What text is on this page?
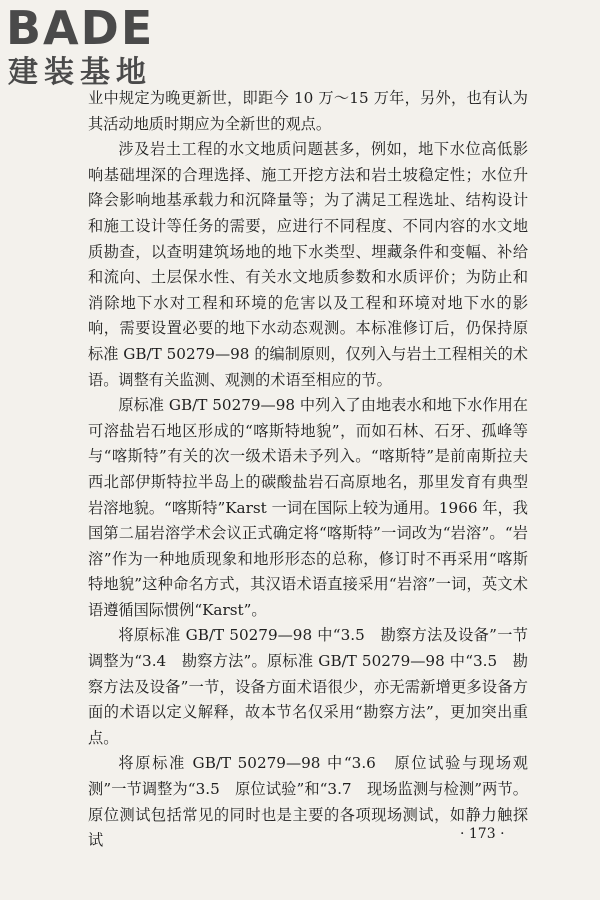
BADE
建装基地

业中规定为晚更新世，即距今 10 万～15 万年，另外，也有认为其活动地质时期应为全新世的观点。

涉及岩土工程的水文地质问题甚多，例如，地下水位高低影响基础埋深的合理选择、施工开挖方法和岩土坡稳定性；水位升降会影响地基承载力和沉降量等；为了满足工程选址、结构设计和施工设计等任务的需要，应进行不同程度、不同内容的水文地质勘查，以查明建筑场地的地下水类型、埋藏条件和变幅、补给和流向、土层保水性、有关水文地质参数和水质评价；为防止和消除地下水对工程和环境的危害以及工程和环境对地下水的影响，需要设置必要的地下水动态观测。本标准修订后，仍保持原标准 GB/T 50279—98 的编制原则，仅列入与岩土工程相关的术语。调整有关监测、观测的术语至相应的节。

原标准 GB/T 50279—98 中列入了由地表水和地下水作用在可溶盐岩石地区形成的“喀斯特地貌”，而如石林、石牙、孤峰等与“喀斯特”有关的次一级术语未予列入。“喀斯特”是前南斯拉夫西北部伊斯特拉半岛上的碳酸盐岩石高原地名，那里发育有典型岩溶地貌。“喀斯特”Karst 一词在国际上较为通用。1966 年，我国第二届岩溶学术会议正式确定将“喀斯特”一词改为“岩溶”。“岩溶”作为一种地质现象和地形形态的总称，修订时不再采用“喀斯特地貌”这种命名方式，其汉语术语直接采用“岩溶”一词，英文术语遵循国际惯例“Karst”。

将原标准 GB/T 50279—98 中“3.5　勘察方法及设备”一节调整为“3.4　勘察方法”。原标准 GB/T 50279—98 中“3.5　勘察方法及设备”一节，设备方面术语很少，亦无需新增更多设备方面的术语以定义解释，故本节名仅采用“勘察方法”，更加突出重点。

将原标准 GB/T 50279—98 中“3.6　原位试验与现场观测”一节调整为“3.5　原位试验”和“3.7　现场监测与检测”两节。原位测试包括常见的同时也是主要的各项现场测试，如静力触探试	· 173 ·
